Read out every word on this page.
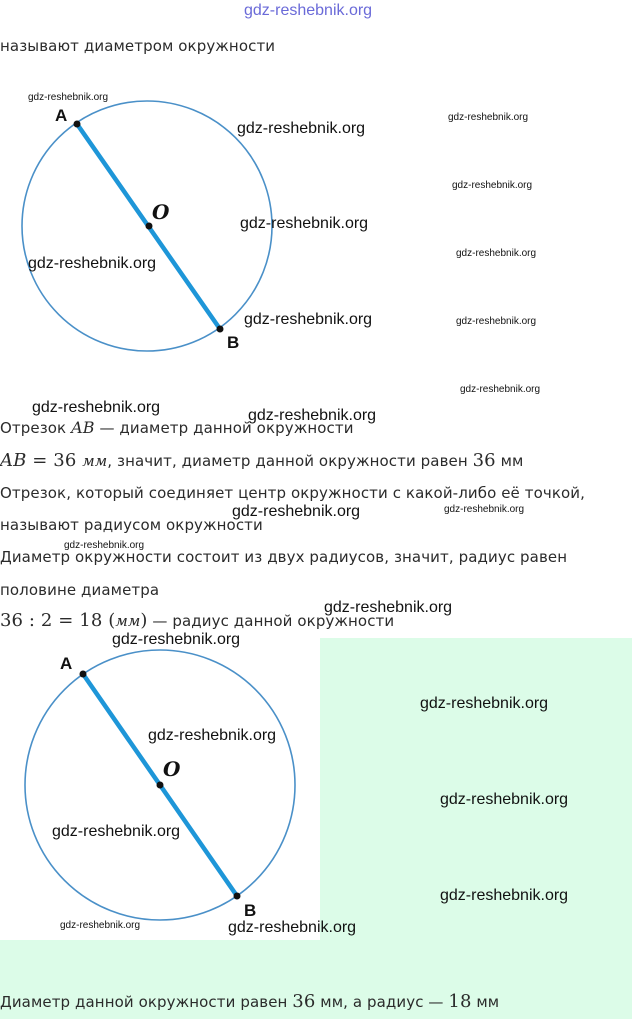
gdz-reshebnik.org
называют диаметром окружности
A
O
B
gdz-reshebnik.org
gdz-reshebnik.org
gdz-reshebnik.org
gdz-reshebnik.org
gdz-reshebnik.org
gdz-reshebnik.org
gdz-reshebnik.org
gdz-reshebnik.org	gdz-reshebnik.org
gdz-reshebnik.org
gdz-reshebnik.org	gdz-reshebnik.org
Отрезок AB — диаметр данной окружности
AB = 36 мм, значит, диаметр данной окружности равен 36 мм
Отрезок, который соединяет центр окружности с какой-либо её точкой,
gdz-reshebnik.org	gdz-reshebnik.org
называют радиусом окружности
gdz-reshebnik.org
Диаметр окружности состоит из двух радиусов, значит, радиус равен
половине диаметра
gdz-reshebnik.org
36 : 2 = 18 (мм) — радиус данной окружности
gdz-reshebnik.org
A
O
B
gdz-reshebnik.org
gdz-reshebnik.org
gdz-reshebnik.org
gdz-reshebnik.org
gdz-reshebnik.org
gdz-reshebnik.org	gdz-reshebnik.org
Диаметр данной окружности равен 36 мм, а радиус — 18 мм
